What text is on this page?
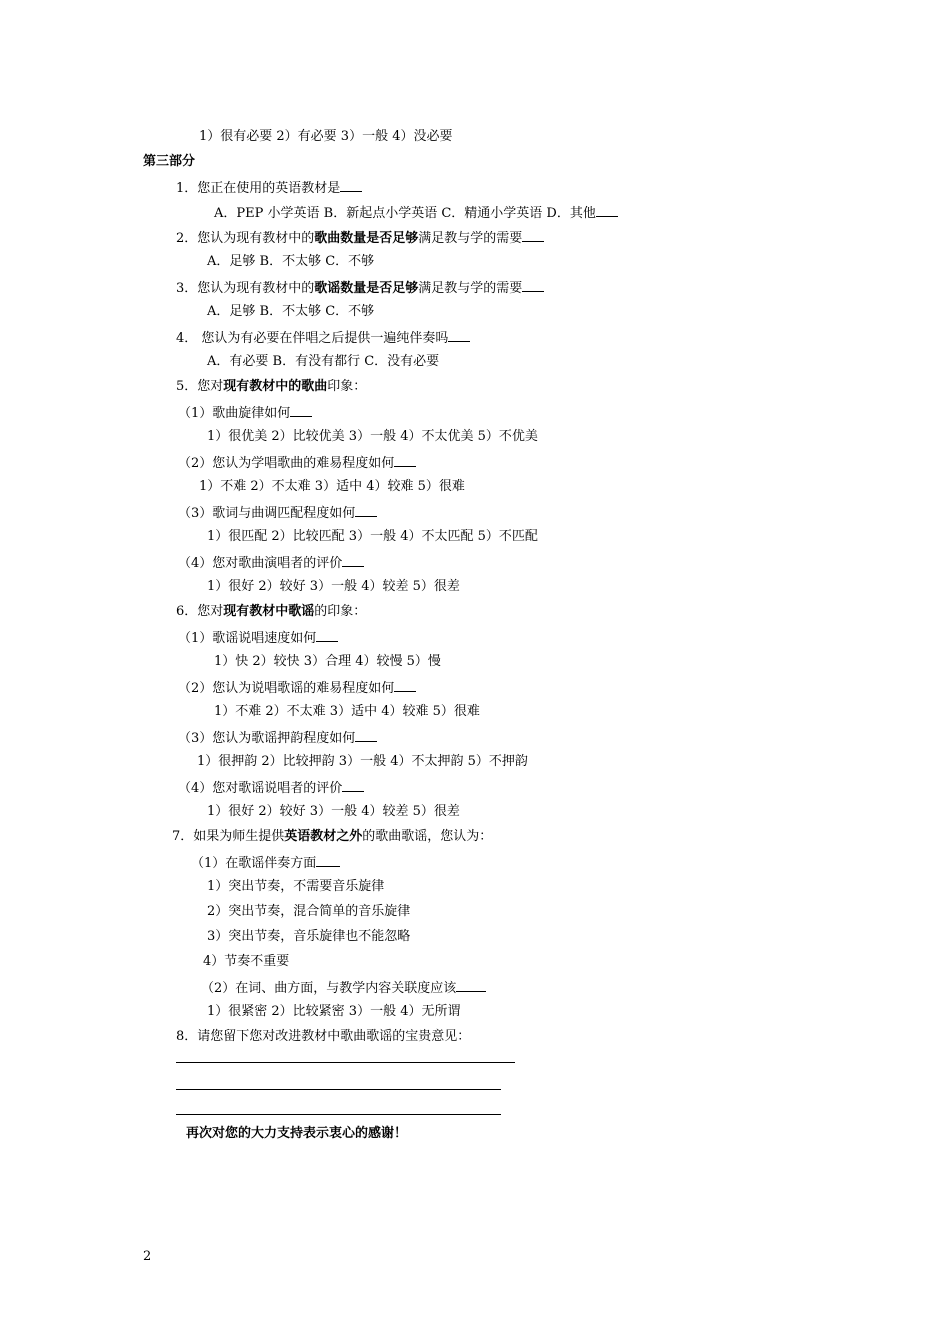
1）很有必要 2）有必要 3）一般 4）没必要
第三部分
1．您正在使用的英语教材是
A．PEP 小学英语 B．新起点小学英语 C．精通小学英语 D．其他
2．您认为现有教材中的歌曲数量是否足够满足教与学的需要
A．足够 B．不太够 C．不够
3．您认为现有教材中的歌谣数量是否足够满足教与学的需要
A．足够 B．不太够 C．不够
4． 您认为有必要在伴唱之后提供一遍纯伴奏吗
A．有必要 B．有没有都行 C．没有必要
5．您对现有教材中的歌曲印象：
（1）歌曲旋律如何
1）很优美 2）比较优美 3）一般 4）不太优美 5）不优美
（2）您认为学唱歌曲的难易程度如何
1）不难 2）不太难 3）适中 4）较难 5）很难
（3）歌词与曲调匹配程度如何
1）很匹配 2）比较匹配 3）一般 4）不太匹配 5）不匹配
（4）您对歌曲演唱者的评价
1）很好 2）较好 3）一般 4）较差 5）很差
6．您对现有教材中歌谣的印象：
（1）歌谣说唱速度如何
1）快 2）较快 3）合理 4）较慢 5）慢
（2）您认为说唱歌谣的难易程度如何
1）不难 2）不太难 3）适中 4）较难 5）很难
（3）您认为歌谣押韵程度如何
1）很押韵 2）比较押韵 3）一般 4）不太押韵 5）不押韵
（4）您对歌谣说唱者的评价
1）很好 2）较好 3）一般 4）较差 5）很差
7．如果为师生提供英语教材之外的歌曲歌谣，您认为：
（1）在歌谣伴奏方面
1）突出节奏，不需要音乐旋律
2）突出节奏，混合简单的音乐旋律
3）突出节奏，音乐旋律也不能忽略
4）节奏不重要
（2）在词、曲方面，与教学内容关联度应该
1）很紧密 2）比较紧密 3）一般 4）无所谓
8．请您留下您对改进教材中歌曲歌谣的宝贵意见：
再次对您的大力支持表示衷心的感谢！
2
